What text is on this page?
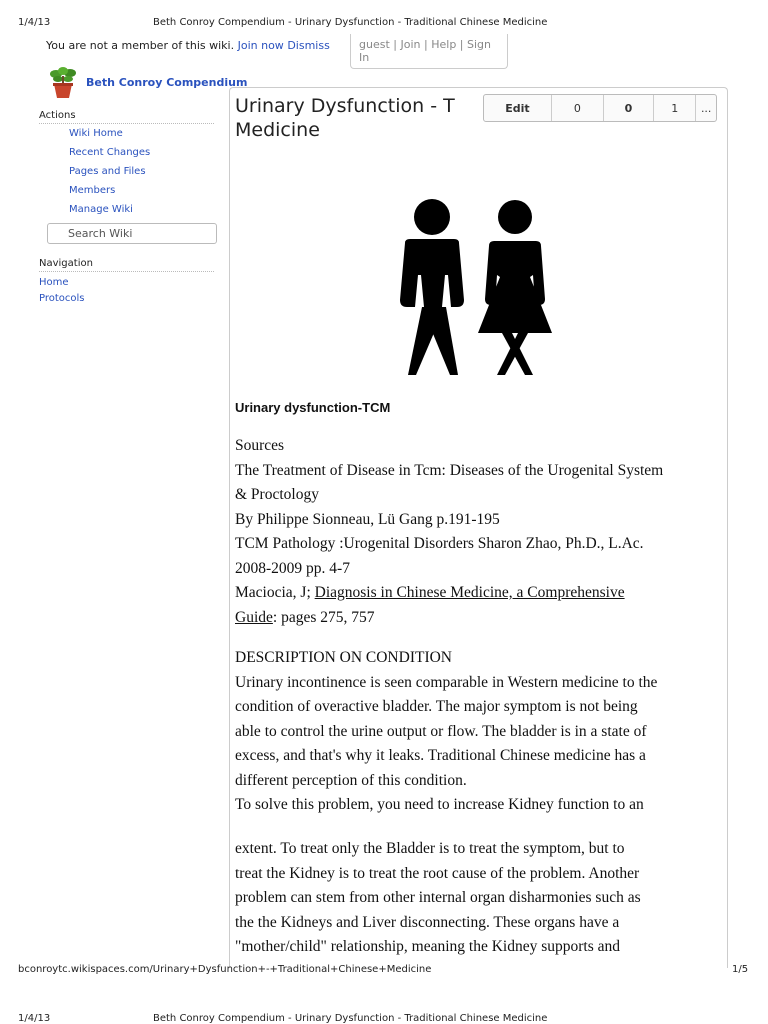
1/4/13	Beth Conroy Compendium - Urinary Dysfunction - Traditional Chinese Medicine
You are not a member of this wiki. Join now Dismiss	guest | Join | Help | Sign In
Beth Conroy Compendium
Actions
Wiki Home
Recent Changes
Pages and Files
Members
Manage Wiki
Search Wiki
Navigation
Home
Protocols
Urinary Dysfunction - T
Medicine
Edit	0	0	1	...
Urinary dysfunction-TCM
Sources
The Treatment of Disease in Tcm: Diseases of the Urogenital System
& Proctology
By Philippe Sionneau, Lü Gang p.191-195
TCM Pathology :Urogenital Disorders Sharon Zhao, Ph.D., L.Ac.
2008-2009 pp. 4-7
Maciocia, J; Diagnosis in Chinese Medicine, a Comprehensive
Guide: pages 275, 757
DESCRIPTION ON CONDITION
Urinary incontinence is seen comparable in Western medicine to the
condition of overactive bladder. The major symptom is not being
able to control the urine output or flow. The bladder is in a state of
excess, and that's why it leaks. Traditional Chinese medicine has a
different perception of this condition.
To solve this problem, you need to increase Kidney function to an
extent. To treat only the Bladder is to treat the symptom, but to
treat the Kidney is to treat the root cause of the problem. Another
problem can stem from other internal organ disharmonies such as
the the Kidneys and Liver disconnecting. These organs have a
"mother/child" relationship, meaning the Kidney supports and
bconroytc.wikispaces.com/Urinary+Dysfunction+-+Traditional+Chinese+Medicine	1/5
1/4/13	Beth Conroy Compendium - Urinary Dysfunction - Traditional Chinese Medicine
